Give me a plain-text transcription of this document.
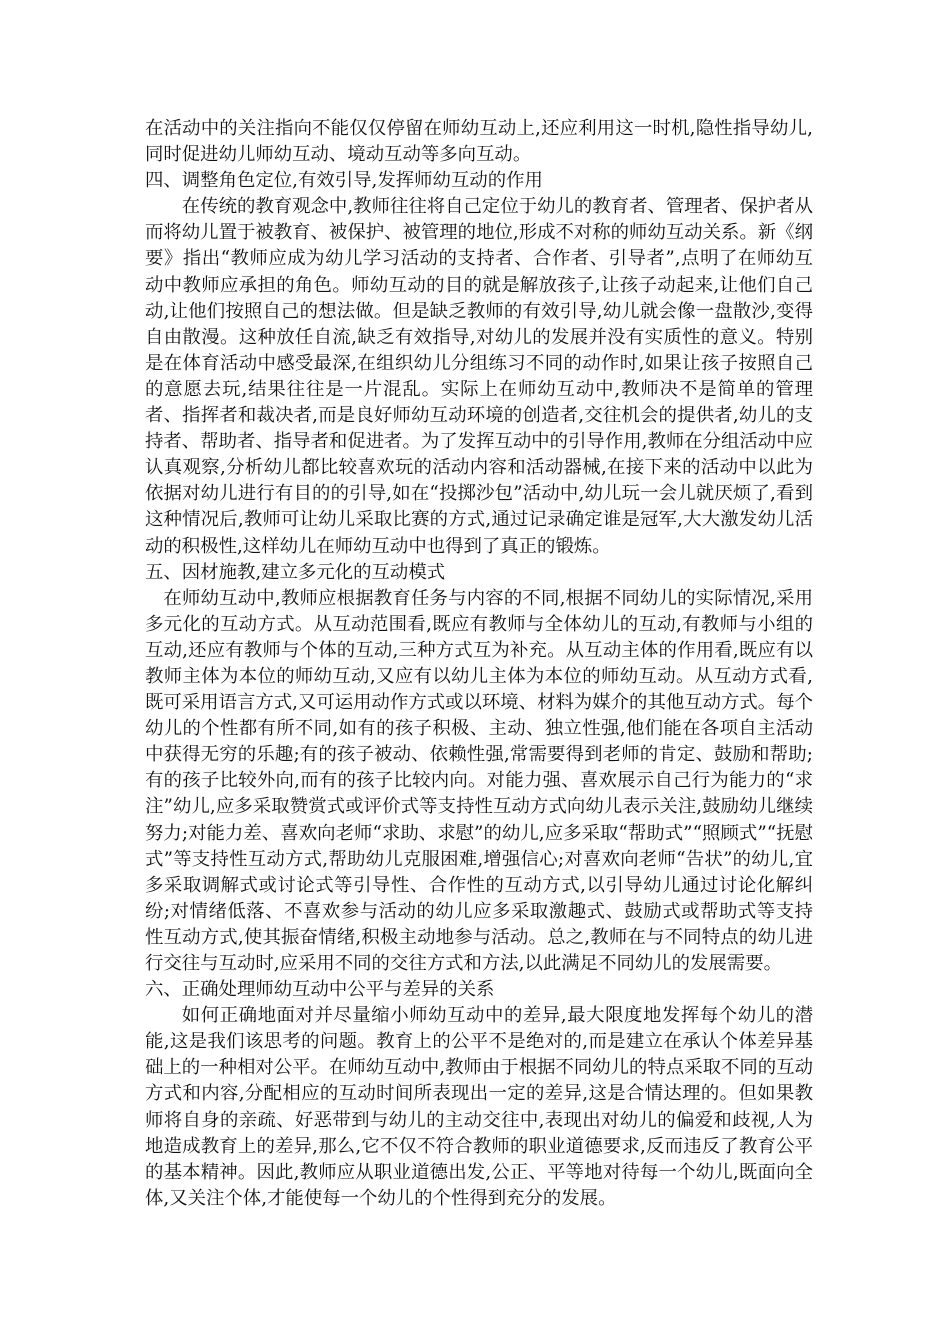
在活动中的关注指向不能仅仅停留在师幼互动上,还应利用这一时机,隐性指导幼儿,同时促进幼儿师幼互动、境动互动等多向互动。

四、调整角色定位,有效引导,发挥师幼互动的作用

在传统的教育观念中,教师往往将自己定位于幼儿的教育者、管理者、保护者从而将幼儿置于被教育、被保护、被管理的地位,形成不对称的师幼互动关系。新《纲要》指出“教师应成为幼儿学习活动的支持者、合作者、引导者”,点明了在师幼互动中教师应承担的角色。师幼互动的目的就是解放孩子,让孩子动起来,让他们自己动,让他们按照自己的想法做。但是缺乏教师的有效引导,幼儿就会像一盘散沙,变得自由散漫。这种放任自流,缺乏有效指导,对幼儿的发展并没有实质性的意义。特别是在体育活动中感受最深,在组织幼儿分组练习不同的动作时,如果让孩子按照自己的意愿去玩,结果往往是一片混乱。实际上在师幼互动中,教师决不是简单的管理者、指挥者和裁决者,而是良好师幼互动环境的创造者,交往机会的提供者,幼儿的支持者、帮助者、指导者和促进者。为了发挥互动中的引导作用,教师在分组活动中应认真观察,分析幼儿都比较喜欢玩的活动内容和活动器械,在接下来的活动中以此为依据对幼儿进行有目的的引导,如在“投掷沙包”活动中,幼儿玩一会儿就厌烦了,看到这种情况后,教师可让幼儿采取比赛的方式,通过记录确定谁是冠军,大大激发幼儿活动的积极性,这样幼儿在师幼互动中也得到了真正的锻炼。

五、因材施教,建立多元化的互动模式

在师幼互动中,教师应根据教育任务与内容的不同,根据不同幼儿的实际情况,采用多元化的互动方式。从互动范围看,既应有教师与全体幼儿的互动,有教师与小组的互动,还应有教师与个体的互动,三种方式互为补充。从互动主体的作用看,既应有以教师主体为本位的师幼互动,又应有以幼儿主体为本位的师幼互动。从互动方式看,既可采用语言方式,又可运用动作方式或以环境、材料为媒介的其他互动方式。每个幼儿的个性都有所不同,如有的孩子积极、主动、独立性强,他们能在各项自主活动中获得无穷的乐趣;有的孩子被动、依赖性强,常需要得到老师的肯定、鼓励和帮助;有的孩子比较外向,而有的孩子比较内向。对能力强、喜欢展示自己行为能力的“求注”幼儿,应多采取赞赏式或评价式等支持性互动方式向幼儿表示关注,鼓励幼儿继续努力;对能力差、喜欢向老师“求助、求慰”的幼儿,应多采取“帮助式”“照顾式”“抚慰式”等支持性互动方式,帮助幼儿克服困难,增强信心;对喜欢向老师“告状”的幼儿,宜多采取调解式或讨论式等引导性、合作性的互动方式,以引导幼儿通过讨论化解纠纷;对情绪低落、不喜欢参与活动的幼儿应多采取激趣式、鼓励式或帮助式等支持性互动方式,使其振奋情绪,积极主动地参与活动。总之,教师在与不同特点的幼儿进行交往与互动时,应采用不同的交往方式和方法,以此满足不同幼儿的发展需要。

六、正确处理师幼互动中公平与差异的关系

如何正确地面对并尽量缩小师幼互动中的差异,最大限度地发挥每个幼儿的潜能,这是我们该思考的问题。教育上的公平不是绝对的,而是建立在承认个体差异基础上的一种相对公平。在师幼互动中,教师由于根据不同幼儿的特点采取不同的互动方式和内容,分配相应的互动时间所表现出一定的差异,这是合情达理的。但如果教师将自身的亲疏、好恶带到与幼儿的主动交往中,表现出对幼儿的偏爱和歧视,人为地造成教育上的差异,那么,它不仅不符合教师的职业道德要求,反而违反了教育公平的基本精神。因此,教师应从职业道德出发,公正、平等地对待每一个幼儿,既面向全体,又关注个体,才能使每一个幼儿的个性得到充分的发展。
